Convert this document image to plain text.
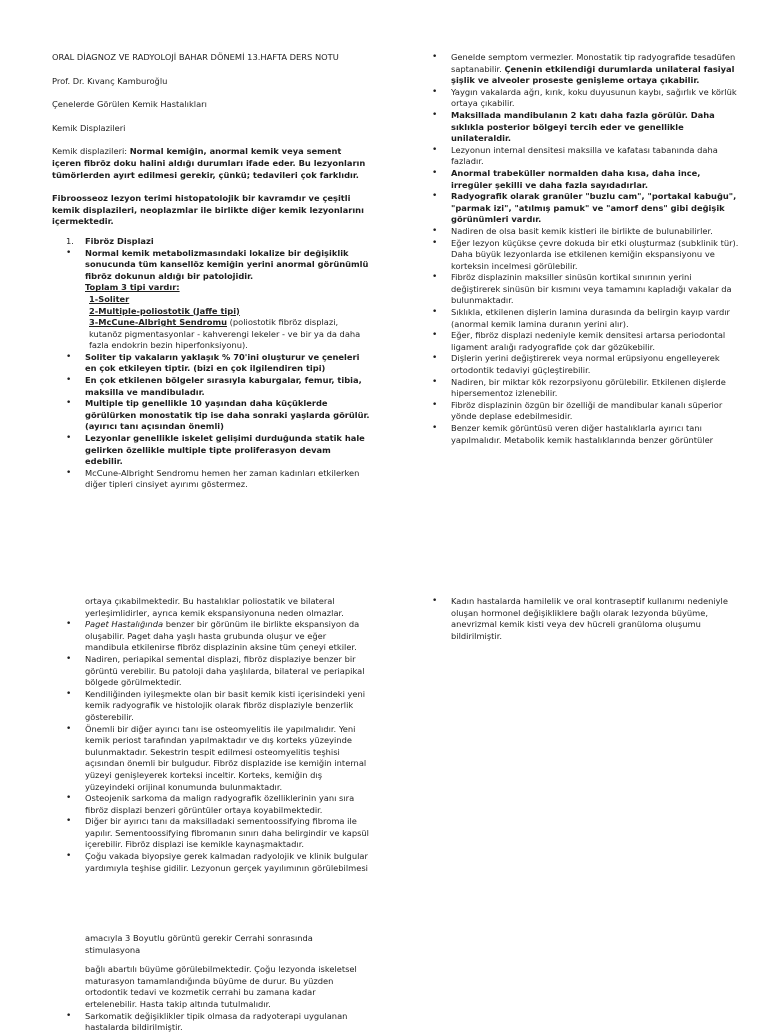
ORAL DİAGNOZ VE RADYOLOJİ BAHAR DÖNEMİ 13.HAFTA DERS NOTU

Prof. Dr. Kıvanç Kamburoğlu

Çenelerde Görülen Kemik Hastalıkları

Kemik Displazileri

Kemik displazileri: Normal kemiğin, anormal kemik veya sement içeren fibröz doku halini aldığı durumları ifade eder. Bu lezyonların tümörlerden ayırt edilmesi gerekir, çünkü; tedavileri çok farklıdır.

Fibroosseoz lezyon terimi histopatolojik bir kavramdır ve çeşitli kemik displazileri, neoplazmlar ile birlikte diğer kemik lezyonlarını içermektedir.

1. Fibröz Displazi
• Normal kemik metabolizmasındaki lokalize bir değişiklik sonucunda tüm kansellöz kemiğin yerini anormal görünümlü fibröz dokunun aldığı bir patolojidir.
Toplam 3 tipi vardır:
1-Soliter
2-Multiple-poliostotik (Jaffe tipi)
3-McCune-Albright Sendromu (poliostotik fibröz displazi, kutanöz pigmentasyonlar - kahverengi lekeler - ve bir ya da daha fazla endokrin bezin hiperfonksiyonu).
• Soliter tip vakaların yaklaşık % 70'ini oluşturur ve çeneleri en çok etkileyen tiptir. (bizi en çok ilgilendiren tipi)
• En çok etkilenen bölgeler sırasıyla kaburgalar, femur, tibia, maksilla ve mandibuladır.
• Multiple tip genellikle 10 yaşından daha küçüklerde görülürken monostatik tip ise daha sonraki yaşlarda görülür. (ayırıcı tanı açısından önemli)
• Lezyonlar genellikle iskelet gelişimi durduğunda statik hale gelirken özellikle multiple tipte proliferasyon devam edebilir.
• McCune-Albright Sendromu hemen her zaman kadınları etkilerken diğer tipleri cinsiyet ayırımı göstermez.
• Genelde semptom vermezler. Monostatik tip radyografide tesadüfen saptanabilir. Çenenin etkilendiği durumlarda unilateral fasiyal şişlik ve alveoler proseste genişleme ortaya çıkabilir.
• Yaygın vakalarda ağrı, kırık, koku duyusunun kaybı, sağırlık ve körlük ortaya çıkabilir.
• Maksillada mandibulanın 2 katı daha fazla görülür. Daha sıklıkla posterior bölgeyi tercih eder ve genellikle unilateraldir.
• Lezyonun internal densitesi maksilla ve kafatası tabanında daha fazladır.
• Anormal trabeküller normalden daha kısa, daha ince, irregüler şekilli ve daha fazla sayıdadırlar.
• Radyografik olarak granüler "buzlu cam", "portakal kabuğu", "parmak izi", "atılmış pamuk" ve "amorf dens" gibi değişik görünümleri vardır.
• Nadiren de olsa basit kemik kistleri ile birlikte de bulunabilirler.
• Eğer lezyon küçükse çevre dokuda bir etki oluşturmaz (subklinik tür). Daha büyük lezyonlarda ise etkilenen kemiğin ekspansiyonu ve korteksin incelmesi görülebilir.
• Fibröz displazinin maksiller sinüsün kortikal sınırının yerini değiştirerek sinüsün bir kısmını veya tamamını kapladığı vakalar da bulunmaktadır.
• Sıklıkla, etkilenen dişlerin lamina durasında da belirgin kayıp vardır (anormal kemik lamina duranın yerini alır).
• Eğer, fibröz displazi nedeniyle kemik densitesi artarsa periodontal ligament aralığı radyografide çok dar gözükebilir.
• Dişlerin yerini değiştirerek veya normal erüpsiyonu engelleyerek ortodontik tedaviyi güçleştirebilir.
• Nadiren, bir miktar kök rezorpsiyonu görülebilir. Etkilenen dişlerde hipersementoz izlenebilir.
• Fibröz displazinin özgün bir özelliği de mandibular kanalı süperior yönde deplase edebilmesidir.
• Benzer kemik görüntüsü veren diğer hastalıklarla ayırıcı tanı yapılmalıdır. Metabolik kemik hastalıklarında benzer görüntüler
ortaya çıkabilmektedir. Bu hastalıklar poliostatik ve bilateral yerleşimlidirler, ayrıca kemik ekspansiyonuna neden olmazlar.
• Paget Hastalığında benzer bir görünüm ile birlikte ekspansiyon da oluşabilir. Paget daha yaşlı hasta grubunda oluşur ve eğer mandibula etkilenirse fibröz displazinin aksine tüm çeneyi etkiler.
• Nadiren, periapikal semental displazi, fibröz displaziye benzer bir görüntü verebilir. Bu patoloji daha yaşlılarda, bilateral ve periapikal bölgede görülmektedir.
• Kendiliğinden iyileşmekte olan bir basit kemik kisti içerisindeki yeni kemik radyografik ve histolojik olarak fibröz displaziyle benzerlik gösterebilir.
• Önemli bir diğer ayırıcı tanı ise osteomyelitis ile yapılmalıdır. Yeni kemik periost tarafından yapılmaktadır ve dış korteks yüzeyinde bulunmaktadır. Sekestrin tespit edilmesi osteomyelitis teşhisi açısından önemli bir bulgudur. Fibröz displazide ise kemiğin internal yüzeyi genişleyerek korteksi inceltir. Korteks, kemiğin dış yüzeyindeki orijinal konumunda bulunmaktadır.
• Osteojenik sarkoma da malign radyografik özelliklerinin yanı sıra fibröz displazi benzeri görüntüler ortaya koyabilmektedir.
• Diğer bir ayırıcı tanı da maksilladaki sementoossifying fibroma ile yapılır. Sementoossifying fibromanın sınırı daha belirgindir ve kapsül içerebilir. Fibröz displazi ise kemikle kaynaşmaktadır.
• Çoğu vakada biyopsiye gerek kalmadan radyolojik ve klinik bulgular yardımıyla teşhise gidilir. Lezyonun gerçek yayılımının görülebilmesi
• Kadın hastalarda hamilelik ve oral kontraseptif kullanımı nedeniyle oluşan hormonel değişikliklere bağlı olarak lezyonda büyüme, anevrizmal kemik kisti veya dev hücreli granüloma oluşumu bildirilmiştir.
amacıyla 3 Boyutlu görüntü gerekir Cerrahi sonrasında stimulasyona
bağlı abartılı büyüme görülebilmektedir. Çoğu lezyonda iskeletsel maturasyon tamamlandığında büyüme de durur. Bu yüzden ortodontik tedavi ve kozmetik cerrahi bu zamana kadar ertelenebilir. Hasta takip altında tutulmalıdır.
• Sarkomatik değişiklikler tipik olmasa da radyoterapi uygulanan hastalarda bildirilmiştir.
